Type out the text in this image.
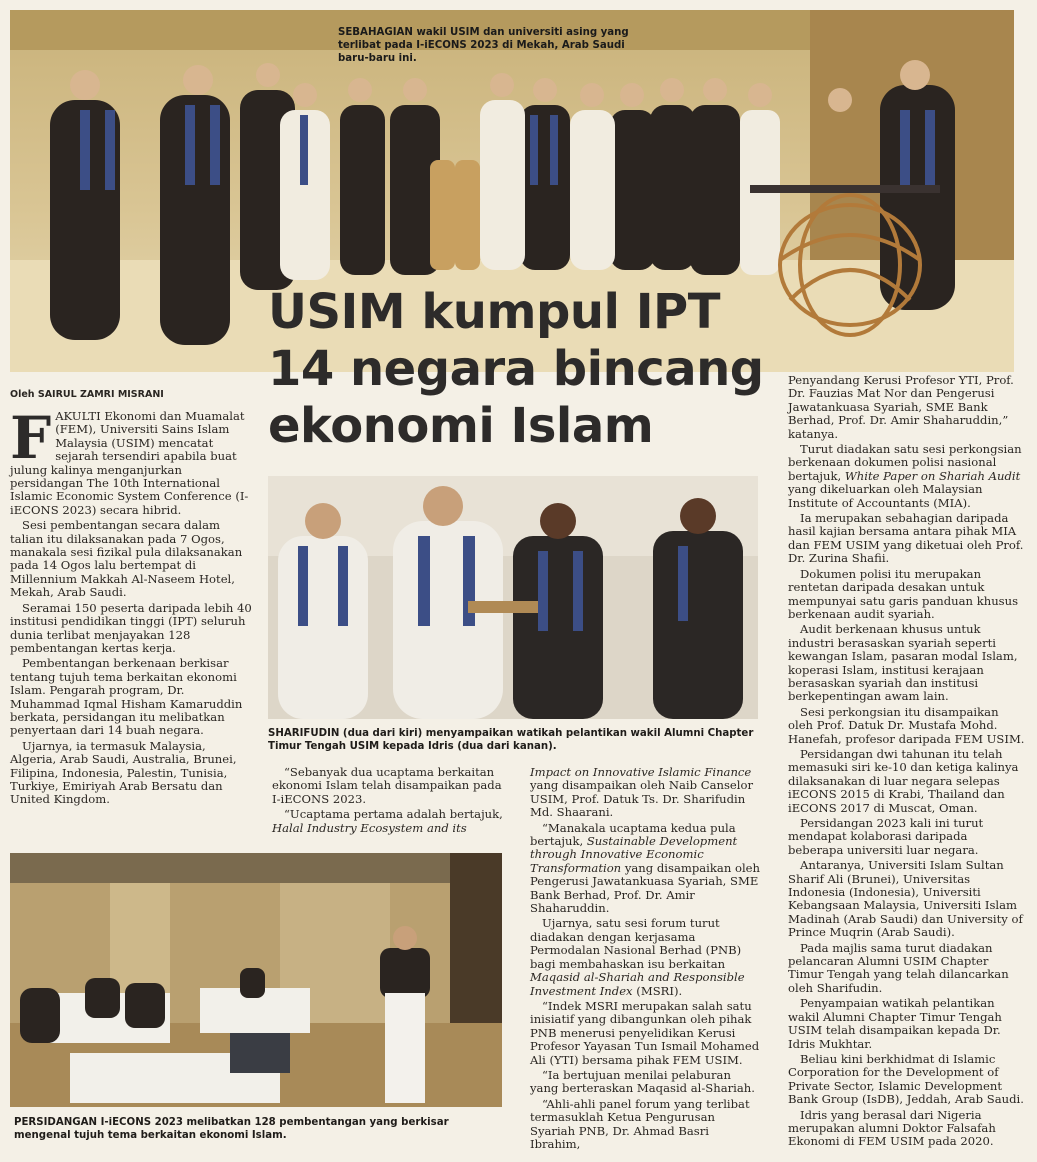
SEBAHAGIAN wakil USIM dan universiti asing yang terlibat pada I-iECONS 2023 di Mekah, Arab Saudi baru-baru ini.
USIM kumpul IPT 14 negara bincang ekonomi Islam
Oleh SAIRUL ZAMRI MISRANI

FAKULTI Ekonomi dan Muamalat (FEM), Universiti Sains Islam Malaysia (USIM) mencatat sejarah tersendiri apabila buat julung kalinya menganjurkan persidangan The 10th International Islamic Economic System Conference (I-iECONS 2023) secara hibrid.

Sesi pembentangan secara dalam talian itu dilaksanakan pada 7 Ogos, manakala sesi fizikal pula dilaksanakan pada 14 Ogos lalu bertempat di Millennium Makkah Al-Naseem Hotel, Mekah, Arab Saudi.

Seramai 150 peserta daripada lebih 40 institusi pendidikan tinggi (IPT) seluruh dunia terlibat menjayakan 128 pembentangan kertas kerja.

Pembentangan berkenaan berkisar tentang tujuh tema berkaitan ekonomi Islam. Pengarah program, Dr. Muhammad Iqmal Hisham Kamaruddin berkata, persidangan itu melibatkan penyertaan dari 14 buah negara.

Ujarnya, ia termasuk Malaysia, Algeria, Arab Saudi, Australia, Brunei, Filipina, Indonesia, Palestin, Tunisia, Turkiye, Emiriyah Arab Bersatu dan United Kingdom.

SHARIFUDIN (dua dari kiri) menyampaikan watikah pelantikan wakil Alumni Chapter Timur Tengah USIM kepada Idris (dua dari kanan).

“Sebanyak dua ucaptama berkaitan ekonomi Islam telah disampaikan pada I-iECONS 2023.

“Ucaptama pertama adalah bertajuk, Halal Industry Ecosystem and its

Impact on Innovative Islamic Finance yang disampaikan oleh Naib Canselor USIM, Prof. Datuk Ts. Dr. Sharifudin Md. Shaarani.

“Manakala ucaptama kedua pula bertajuk, Sustainable Development through Innovative Economic Transformation yang disampaikan oleh Pengerusi Jawatankuasa Syariah, SME Bank Berhad, Prof. Dr. Amir Shaharuddin.

Ujarnya, satu sesi forum turut diadakan dengan kerjasama Permodalan Nasional Berhad (PNB) bagi membahaskan isu berkaitan Maqasid al-Shariah and Responsible Investment Index (MSRI).

“Indek MSRI merupakan salah satu inisiatif yang dibangunkan oleh pihak PNB menerusi penyelidikan Kerusi Profesor Yayasan Tun Ismail Mohamed Ali (YTI) bersama pihak FEM USIM.

“Ia bertujuan menilai pelaburan yang berteraskan Maqasid al-Shariah.

“Ahli-ahli panel forum yang terlibat termasuklah Ketua Pengurusan Syariah PNB, Dr. Ahmad Basri Ibrahim,

Penyandang Kerusi Profesor YTI, Prof. Dr. Fauzias Mat Nor dan Pengerusi Jawatankuasa Syariah, SME Bank Berhad, Prof. Dr. Amir Shaharuddin,” katanya.

Turut diadakan satu sesi perkongsian berkenaan dokumen polisi nasional bertajuk, White Paper on Shariah Audit yang dikeluarkan oleh Malaysian Institute of Accountants (MIA).

Ia merupakan sebahagian daripada hasil kajian bersama antara pihak MIA dan FEM USIM yang diketuai oleh Prof. Dr. Zurina Shafii.

Dokumen polisi itu merupakan rentetan daripada desakan untuk mempunyai satu garis panduan khusus berkenaan audit syariah.

Audit berkenaan khusus untuk industri berasaskan syariah seperti kewangan Islam, pasaran modal Islam, koperasi Islam, institusi kerajaan berasaskan syariah dan institusi berkepentingan awam lain.

Sesi perkongsian itu disampaikan oleh Prof. Datuk Dr. Mustafa Mohd. Hanefah, profesor daripada FEM USIM.

Persidangan dwi tahunan itu telah memasuki siri ke-10 dan ketiga kalinya dilaksanakan di luar negara selepas iECONS 2015 di Krabi, Thailand dan iECONS 2017 di Muscat, Oman.

Persidangan 2023 kali ini turut mendapat kolaborasi daripada beberapa universiti luar negara.

Antaranya, Universiti Islam Sultan Sharif Ali (Brunei), Universitas Indonesia (Indonesia), Universiti Kebangsaan Malaysia, Universiti Islam Madinah (Arab Saudi) dan University of Prince Muqrin (Arab Saudi).

Pada majlis sama turut diadakan pelancaran Alumni USIM Chapter Timur Tengah yang telah dilancarkan oleh Sharifudin.

Penyampaian watikah pelantikan wakil Alumni Chapter Timur Tengah USIM telah disampaikan kepada Dr. Idris Mukhtar.

Beliau kini berkhidmat di Islamic Corporation for the Development of Private Sector, Islamic Development Bank Group (IsDB), Jeddah, Arab Saudi.

Idris yang berasal dari Nigeria merupakan alumni Doktor Falsafah Ekonomi di FEM USIM pada 2020.

PERSIDANGAN I-iECONS 2023 melibatkan 128 pembentangan yang berkisar mengenal tujuh tema berkaitan ekonomi Islam.
